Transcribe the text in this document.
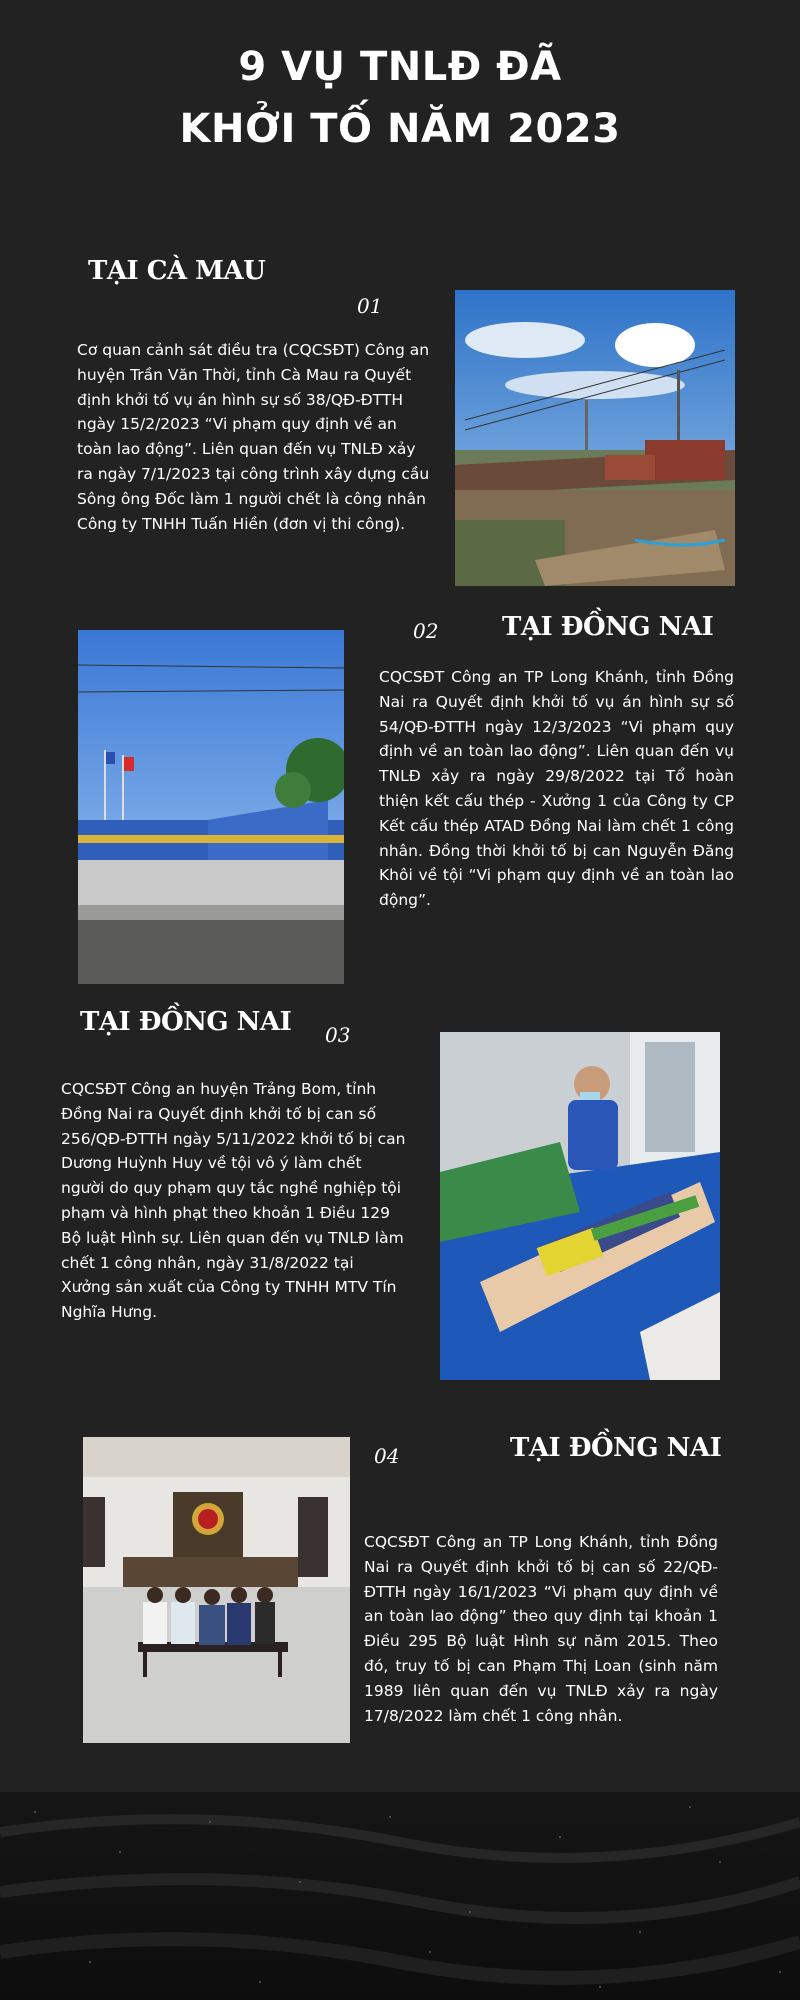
9 VỤ TNLĐ ĐÃ
KHỞI TỐ NĂM 2023
TẠI CÀ MAU
01

Cơ quan cảnh sát điều tra (CQCSĐT) Công an huyện Trần Văn Thời, tỉnh Cà Mau ra Quyết định khởi tố vụ án hình sự số 38/QĐ-ĐTTH ngày 15/2/2023 “Vi phạm quy định về an toàn lao động”. Liên quan đến vụ TNLĐ xảy ra ngày 7/1/2023 tại công trình xây dựng cầu Sông ông Đốc làm 1 người chết là công nhân Công ty TNHH Tuấn Hiền (đơn vị thi công).

02 TẠI ĐỒNG NAI

CQCSĐT Công an TP Long Khánh, tỉnh Đồng Nai ra Quyết định khởi tố vụ án hình sự số 54/QĐ-ĐTTH ngày 12/3/2023 “Vi phạm quy định về an toàn lao động”. Liên quan đến vụ TNLĐ xảy ra ngày 29/8/2022 tại Tổ hoàn thiện kết cấu thép - Xưởng 1 của Công ty CP Kết cấu thép ATAD Đồng Nai làm chết 1 công nhân. Đồng thời khởi tố bị can Nguyễn Đăng Khôi về tội “Vi phạm quy định về an toàn lao động”.

TẠI ĐỒNG NAI 03

CQCSĐT Công an huyện Trảng Bom, tỉnh Đồng Nai ra Quyết định khởi tố bị can số 256/QĐ-ĐTTH ngày 5/11/2022 khởi tố bị can Dương Huỳnh Huy về tội vô ý làm chết người do quy phạm quy tắc nghề nghiệp tội phạm và hình phạt theo khoản 1 Điều 129 Bộ luật Hình sự. Liên quan đến vụ TNLĐ làm chết 1 công nhân, ngày 31/8/2022 tại Xưởng sản xuất của Công ty TNHH MTV Tín Nghĩa Hưng.

04	TẠI ĐỒNG NAI

CQCSĐT Công an TP Long Khánh, tỉnh Đồng Nai ra Quyết định khởi tố bị can số 22/QĐ-ĐTTH ngày 16/1/2023 “Vi phạm quy định về an toàn lao động” theo quy định tại khoản 1 Điều 295 Bộ luật Hình sự năm 2015. Theo đó, truy tố bị can Phạm Thị Loan (sinh năm 1989 liên quan đến vụ TNLĐ xảy ra ngày 17/8/2022 làm chết 1 công nhân.
